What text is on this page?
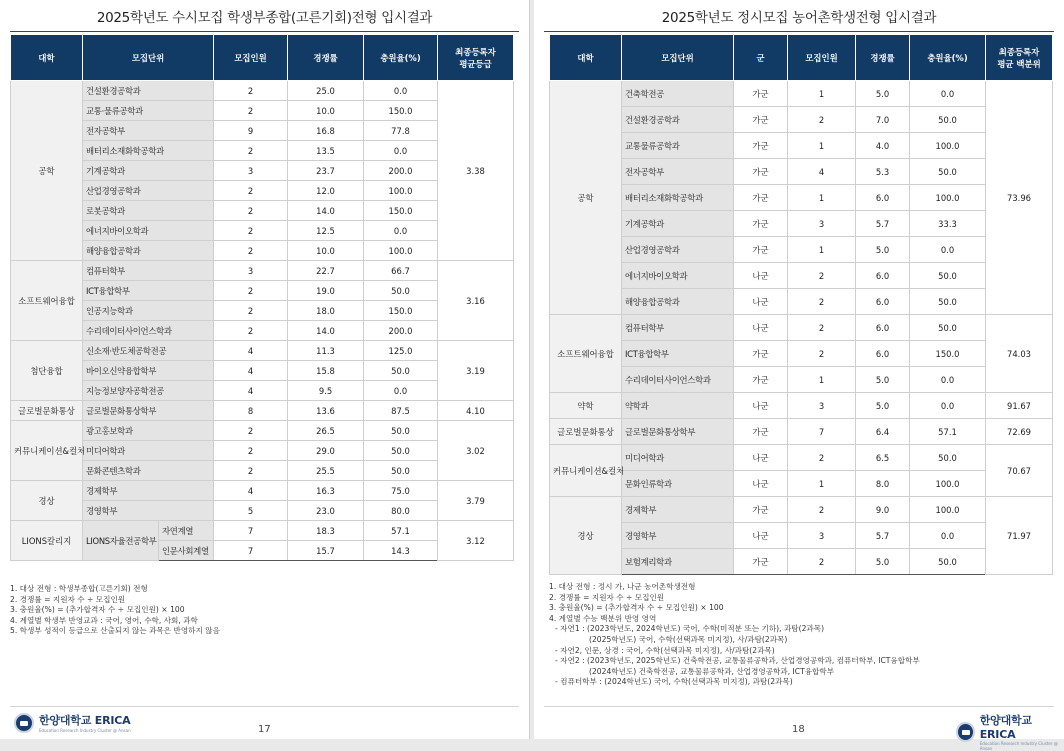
2025학년도 수시모집 학생부종합(고른기회)전형 입시결과
대학	모집단위		모집인원	경쟁률	충원율(%)	최종등록자
평균등급
공학	건설환경공학과		2	25.0	0.0	3.38
	교통·물류공학과		2	10.0	150.0	
	전자공학부		9	16.8	77.8	
	배터리소재화학공학과		2	13.5	0.0	
	기계공학과		3	23.7	200.0	
	산업경영공학과		2	12.0	100.0	
	로봇공학과		2	14.0	150.0	
	에너지바이오학과		2	12.5	0.0	
	해양융합공학과		2	10.0	100.0	
소프트웨어융합	컴퓨터학부		3	22.7	66.7	3.16
	ICT융합학부		2	19.0	50.0	
	인공지능학과		2	18.0	150.0	
	수리데이터사이언스학과		2	14.0	200.0	
첨단융합	신소재·반도체공학전공		4	11.3	125.0	3.19
	바이오신약융합학부		4	15.8	50.0	
	지능정보양자공학전공		4	9.5	0.0	
글로벌문화통상	글로벌문화통상학부		8	13.6	87.5	4.10
커뮤니케이션&컬처	광고홍보학과		2	26.5	50.0	3.02
	미디어학과		2	29.0	50.0	
	문화콘텐츠학과		2	25.5	50.0	
경상	경제학부		4	16.3	75.0	3.79
	경영학부		5	23.0	80.0	
LIONS칼리지	LIONS자율전공학부	자연계열	7	18.3	57.1	3.12
		인문사회계열	7	15.7	14.3	
1. 대상 전형 : 학생부종합(고른기회) 전형
2. 경쟁률 = 지원자 수 ÷ 모집인원
3. 충원율(%) = (추가합격자 수 ÷ 모집인원) × 100
4. 계열별 학생부 반영교과 : 국어, 영어, 수학, 사회, 과학
5. 학생부 성적이 등급으로 산출되지 않는 과목은 반영하지 않음
한양대학교 ERICA
Education Research Industry Cluster @ Ansan	17
2025학년도 정시모집 농어촌학생전형 입시결과
대학	모집단위	군	모집인원	경쟁률	충원율(%)	최종등록자
평균 백분위
공학	건축학전공	가군	1	5.0	0.0	73.96
	건설환경공학과	가군	2	7.0	50.0	
	교통물류공학과	가군	1	4.0	100.0	
	전자공학부	가군	4	5.3	50.0	
	배터리소재화학공학과	가군	1	6.0	100.0	
	기계공학과	가군	3	5.7	33.3	
	산업경영공학과	가군	1	5.0	0.0	
	에너지바이오학과	나군	2	6.0	50.0	
	해양융합공학과	나군	2	6.0	50.0	
소프트웨어융합	컴퓨터학부	나군	2	6.0	50.0	74.03
	ICT융합학부	가군	2	6.0	150.0	
	수리데이터사이언스학과	가군	1	5.0	0.0	
약학	약학과	나군	3	5.0	0.0	91.67
글로벌문화통상	글로벌문화통상학부	가군	7	6.4	57.1	72.69
커뮤니케이션&컬처	미디어학과	나군	2	6.5	50.0	70.67
	문화인류학과	나군	1	8.0	100.0	
경상	경제학부	가군	2	9.0	100.0	71.97
	경영학부	나군	3	5.7	0.0	
	보험계리학과	가군	2	5.0	50.0	
1. 대상 전형 : 정시 가, 나군 농어촌학생전형
2. 경쟁률 = 지원자 수 ÷ 모집인원
3. 충원율(%) = (추가합격자 수 ÷ 모집인원) × 100
4. 계열별 수능 백분위 반영 영역
- 자연1 : (2023학년도, 2024학년도) 국어, 수학(미적분 또는 기하), 과탐(2과목)
(2025학년도) 국어, 수학(선택과목 미지정), 사/과탐(2과목)
- 자연2, 인문, 상경 : 국어, 수학(선택과목 미지정), 사/과탐(2과목)
- 자연2 : (2023학년도, 2025학년도) 건축학전공, 교통물류공학과, 산업경영공학과, 컴퓨터학부, ICT융합학부
(2024학년도) 건축학전공, 교통물류공학과, 산업경영공학과, ICT융합학부
- 컴퓨터학부 : (2024학년도) 국어, 수학(선택과목 미지정), 과탐(2과목)
18
한양대학교 ERICA
Education Research Industry Cluster @ Ansan
